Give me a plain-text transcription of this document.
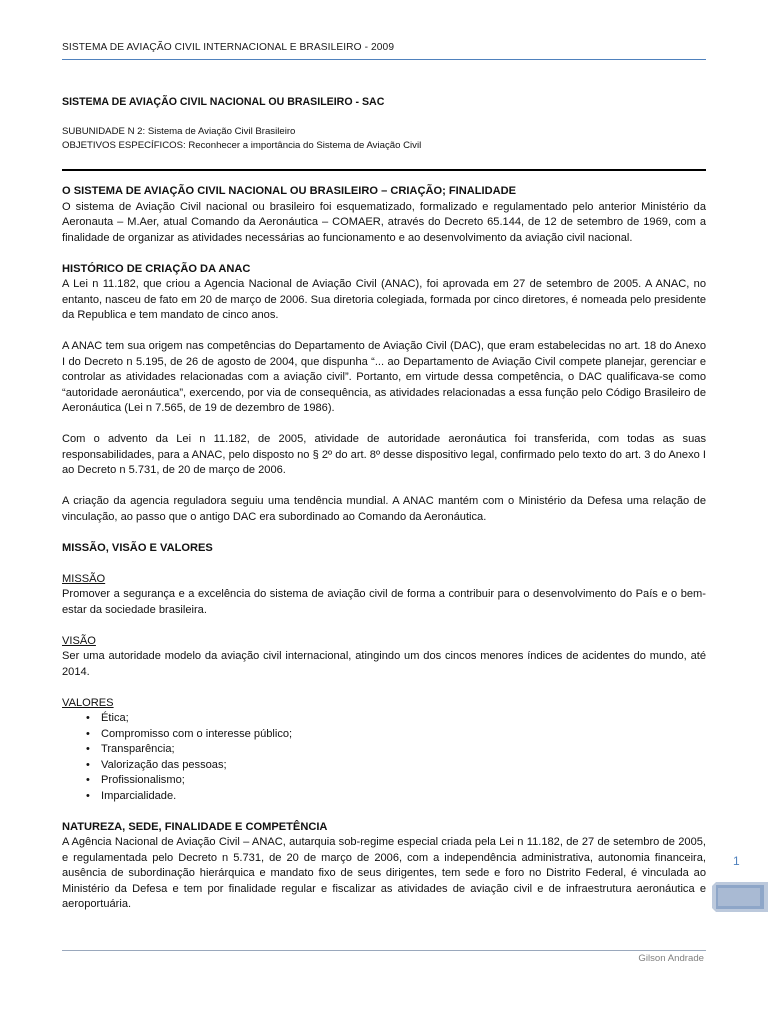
SISTEMA DE AVIAÇÃO CIVIL INTERNACIONAL E BRASILEIRO - 2009
SISTEMA DE AVIAÇÃO CIVIL NACIONAL OU BRASILEIRO - SAC
SUBUNIDADE N 2: Sistema de Aviação Civil Brasileiro
OBJETIVOS ESPECÍFICOS: Reconhecer a importância do Sistema de Aviação Civil
O SISTEMA DE AVIAÇÃO CIVIL NACIONAL OU BRASILEIRO – CRIAÇÃO; FINALIDADE

O sistema de Aviação Civil nacional ou brasileiro foi esquematizado, formalizado e regulamentado pelo anterior Ministério da Aeronauta – M.Aer, atual Comando da Aeronáutica – COMAER, através do Decreto 65.144, de 12 de setembro de 1969, com a finalidade de organizar as atividades necessárias ao funcionamento e ao desenvolvimento da aviação civil nacional.

HISTÓRICO DE CRIAÇÃO DA ANAC

A Lei n 11.182, que criou a Agencia Nacional de Aviação Civil (ANAC), foi aprovada em 27 de setembro de 2005. A ANAC, no entanto, nasceu de fato em 20 de março de 2006. Sua diretoria colegiada, formada por cinco diretores, é nomeada pelo presidente da Republica e tem mandato de cinco anos.

A ANAC tem sua origem nas competências do Departamento de Aviação Civil (DAC), que eram estabelecidas no art. 18 do Anexo I do Decreto n 5.195, de 26 de agosto de 2004, que dispunha “... ao Departamento de Aviação Civil compete planejar, gerenciar e controlar as atividades relacionadas com a aviação civil”. Portanto, em virtude dessa competência, o DAC qualificava-se como “autoridade aeronáutica”, exercendo, por via de consequência, as atividades relacionadas a essa função pelo Código Brasileiro de Aeronáutica (Lei n 7.565, de 19 de dezembro de 1986).

Com o advento da Lei n 11.182, de 2005, atividade de autoridade aeronáutica foi transferida, com todas as suas responsabilidades, para a ANAC, pelo disposto no § 2º do art. 8º desse dispositivo legal, confirmado pelo texto do art. 3 do Anexo I ao Decreto n 5.731, de 20 de março de 2006.

A criação da agencia reguladora seguiu uma tendência mundial. A ANAC mantém com o Ministério da Defesa uma relação de vinculação, ao passo que o antigo DAC era subordinado ao Comando da Aeronáutica.

MISSÃO, VISÃO E VALORES

MISSÃO

Promover a segurança e a excelência do sistema de aviação civil de forma a contribuir para o desenvolvimento do País e o bem-estar da sociedade brasileira.

VISÃO

Ser uma autoridade modelo da aviação civil internacional, atingindo um dos cincos menores índices de acidentes do mundo, até 2014.

VALORES

• Ética;
• Compromisso com o interesse público;
• Transparência;
• Valorização das pessoas;
• Profissionalismo;
• Imparcialidade.
NATUREZA, SEDE, FINALIDADE E COMPETÊNCIA

A Agência Nacional de Aviação Civil – ANAC, autarquia sob-regime especial criada pela Lei n 11.182, de 27 de setembro de 2005, e regulamentada pelo Decreto n 5.731, de 20 de março de 2006, com a independência administrativa, autonomia financeira, ausência de subordinação hierárquica e mandato fixo de seus dirigentes, tem sede e foro no Distrito Federal, é vinculada ao Ministério da Defesa e tem por finalidade regular e fiscalizar as atividades de aviação civil e de infraestrutura aeronáutica e aeroportuária.

1
Gilson Andrade
